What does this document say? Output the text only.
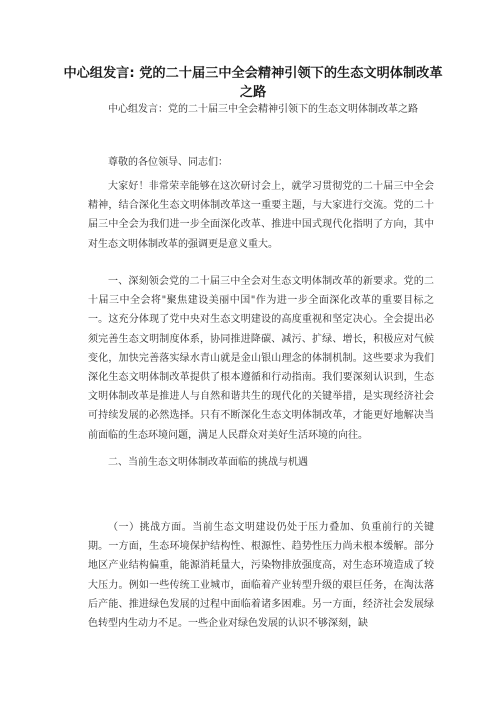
中心组发言: 党的二十届三中全会精神引领下的生态文明体制改革之路

中心组发言：党的二十届三中全会精神引领下的生态文明体制改革之路

尊敬的各位领导、同志们：

大家好！非常荣幸能够在这次研讨会上，就学习贯彻党的二十届三中全会精神，结合深化生态文明体制改革这一重要主题，与大家进行交流。党的二十届三中全会为我们进一步全面深化改革、推进中国式现代化指明了方向，其中对生态文明体制改革的强调更是意义重大。

一、深刻领会党的二十届三中全会对生态文明体制改革的新要求。党的二十届三中全会将"聚焦建设美丽中国"作为进一步全面深化改革的重要目标之一。这充分体现了党中央对生态文明建设的高度重视和坚定决心。全会提出必须完善生态文明制度体系，协同推进降碳、减污、扩绿、增长，积极应对气候变化，加快完善落实绿水青山就是金山银山理念的体制机制。这些要求为我们深化生态文明体制改革提供了根本遵循和行动指南。我们要深刻认识到，生态文明体制改革是推进人与自然和谐共生的现代化的关键举措，是实现经济社会可持续发展的必然选择。只有不断深化生态文明体制改革，才能更好地解决当前面临的生态环境问题，满足人民群众对美好生活环境的向往。

二、当前生态文明体制改革面临的挑战与机遇

（一）挑战方面。当前生态文明建设仍处于压力叠加、负重前行的关键期。一方面，生态环境保护结构性、根源性、趋势性压力尚未根本缓解。部分地区产业结构偏重，能源消耗量大，污染物排放强度高，对生态环境造成了较大压力。例如一些传统工业城市，面临着产业转型升级的艰巨任务，在淘汰落后产能、推进绿色发展的过程中面临着诸多困难。另一方面，经济社会发展绿色转型内生动力不足。一些企业对绿色发展的认识不够深刻，缺
